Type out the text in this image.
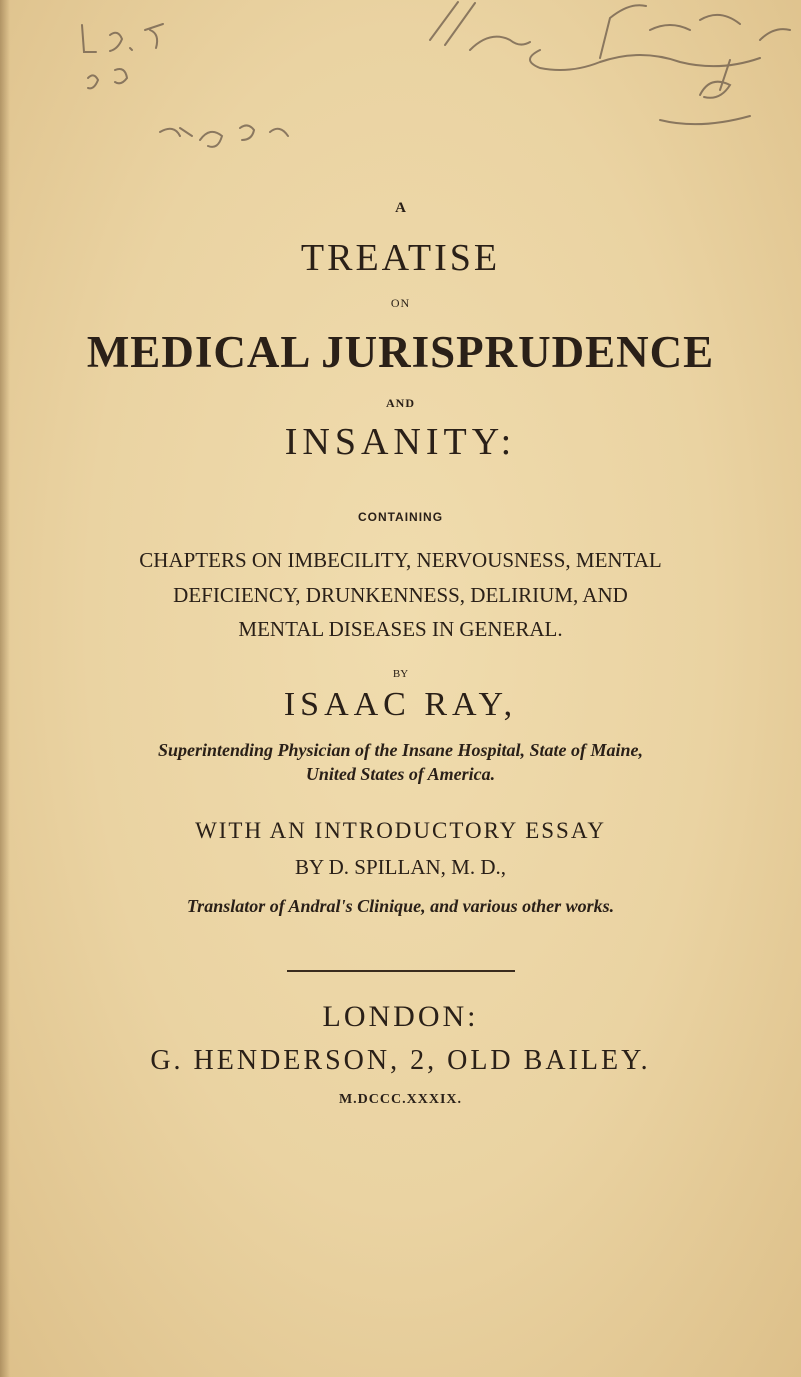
A
TREATISE
ON
MEDICAL JURISPRUDENCE
AND
INSANITY:
CONTAINING
CHAPTERS ON IMBECILITY, NERVOUSNESS, MENTAL
DEFICIENCY, DRUNKENNESS, DELIRIUM, AND
MENTAL DISEASES IN GENERAL.
BY
ISAAC RAY,
Superintending Physician of the Insane Hospital, State of Maine,
United States of America.
WITH AN INTRODUCTORY ESSAY
BY D. SPILLAN, M. D.,
Translator of Andral's Clinique, and various other works.
LONDON:
G. HENDERSON, 2, OLD BAILEY.
M.DCCC.XXXIX.
